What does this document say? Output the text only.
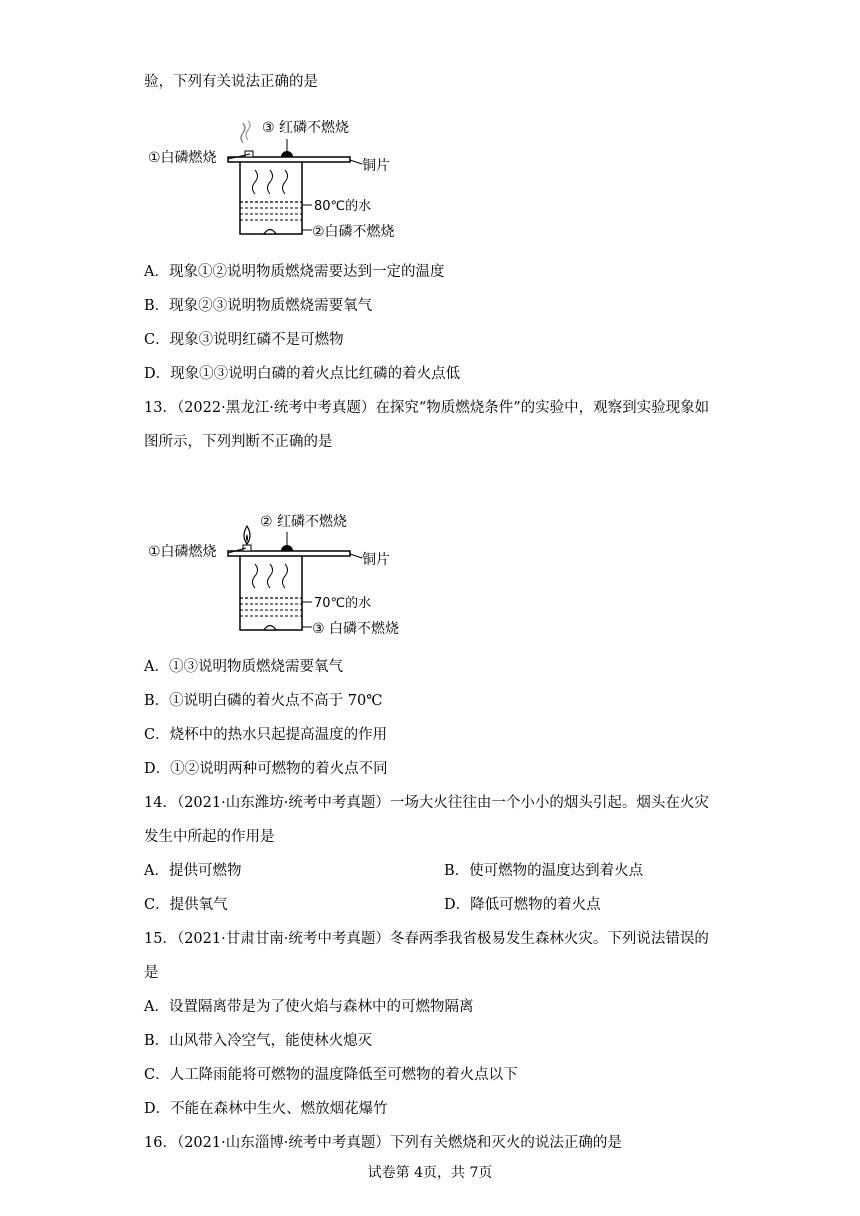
验，下列有关说法正确的是
③ 红磷不燃烧
①白磷燃烧	铜片
80℃的水
②白磷不燃烧
A．现象①②说明物质燃烧需要达到一定的温度
B．现象②③说明物质燃烧需要氧气
C．现象③说明红磷不是可燃物
D．现象①③说明白磷的着火点比红磷的着火点低
13．（2022·黑龙江·统考中考真题）在探究“物质燃烧条件”的实验中，观察到实验现象如
图所示，下列判断不正确的是
② 红磷不燃烧
①白磷燃烧	铜片
70℃的水
③ 白磷不燃烧
A．①③说明物质燃烧需要氧气
B．①说明白磷的着火点不高于 70℃
C．烧杯中的热水只起提高温度的作用
D．①②说明两种可燃物的着火点不同
14．（2021·山东潍坊·统考中考真题）一场大火往往由一个小小的烟头引起。烟头在火灾
发生中所起的作用是
A．提供可燃物	B．使可燃物的温度达到着火点
C．提供氧气	D．降低可燃物的着火点
15．（2021·甘肃甘南·统考中考真题）冬春两季我省极易发生森林火灾。下列说法错误的
是
A．设置隔离带是为了使火焰与森林中的可燃物隔离
B．山风带入冷空气，能使林火熄灭
C．人工降雨能将可燃物的温度降低至可燃物的着火点以下
D．不能在森林中生火、燃放烟花爆竹
16．（2021·山东淄博·统考中考真题）下列有关燃烧和灭火的说法正确的是
试卷第 4页，共 7页
